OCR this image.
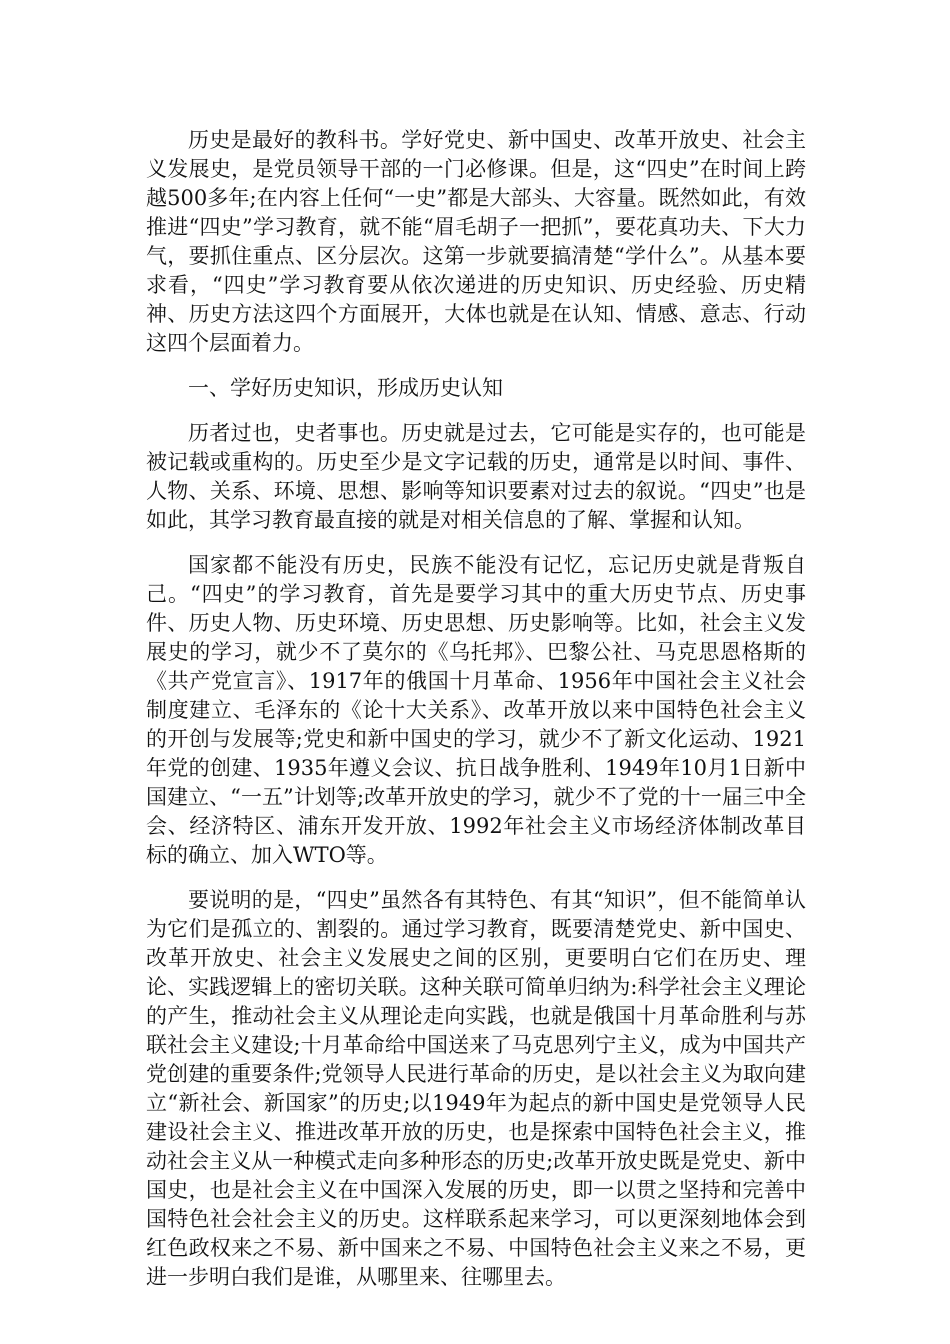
历史是最好的教科书。学好党史、新中国史、改革开放史、社会主义发展史，是党员领导干部的一门必修课。但是，这“四史”在时间上跨越500多年;在内容上任何“一史”都是大部头、大容量。既然如此，有效推进“四史”学习教育，就不能“眉毛胡子一把抓”，要花真功夫、下大力气，要抓住重点、区分层次。这第一步就要搞清楚“学什么”。从基本要求看，“四史”学习教育要从依次递进的历史知识、历史经验、历史精神、历史方法这四个方面展开，大体也就是在认知、情感、意志、行动这四个层面着力。

一、学好历史知识，形成历史认知

历者过也，史者事也。历史就是过去，它可能是实存的，也可能是被记载或重构的。历史至少是文字记载的历史，通常是以时间、事件、人物、关系、环境、思想、影响等知识要素对过去的叙说。“四史”也是如此，其学习教育最直接的就是对相关信息的了解、掌握和认知。

国家都不能没有历史，民族不能没有记忆，忘记历史就是背叛自己。“四史”的学习教育，首先是要学习其中的重大历史节点、历史事件、历史人物、历史环境、历史思想、历史影响等。比如，社会主义发展史的学习，就少不了莫尔的《乌托邦》、巴黎公社、马克思恩格斯的《共产党宣言》、1917年的俄国十月革命、1956年中国社会主义社会制度建立、毛泽东的《论十大关系》、改革开放以来中国特色社会主义的开创与发展等;党史和新中国史的学习，就少不了新文化运动、1921年党的创建、1935年遵义会议、抗日战争胜利、1949年10月1日新中国建立、“一五”计划等;改革开放史的学习，就少不了党的十一届三中全会、经济特区、浦东开发开放、1992年社会主义市场经济体制改革目标的确立、加入WTO等。

要说明的是，“四史”虽然各有其特色、有其“知识”，但不能简单认为它们是孤立的、割裂的。通过学习教育，既要清楚党史、新中国史、改革开放史、社会主义发展史之间的区别，更要明白它们在历史、理论、实践逻辑上的密切关联。这种关联可简单归纳为:科学社会主义理论的产生，推动社会主义从理论走向实践，也就是俄国十月革命胜利与苏联社会主义建设;十月革命给中国送来了马克思列宁主义，成为中国共产党创建的重要条件;党领导人民进行革命的历史，是以社会主义为取向建立“新社会、新国家”的历史;以1949年为起点的新中国史是党领导人民建设社会主义、推进改革开放的历史，也是探索中国特色社会主义，推动社会主义从一种模式走向多种形态的历史;改革开放史既是党史、新中国史，也是社会主义在中国深入发展的历史，即一以贯之坚持和完善中国特色社会社会主义的历史。这样联系起来学习，可以更深刻地体会到红色政权来之不易、新中国来之不易、中国特色社会主义来之不易，更进一步明白我们是谁，从哪里来、往哪里去。
